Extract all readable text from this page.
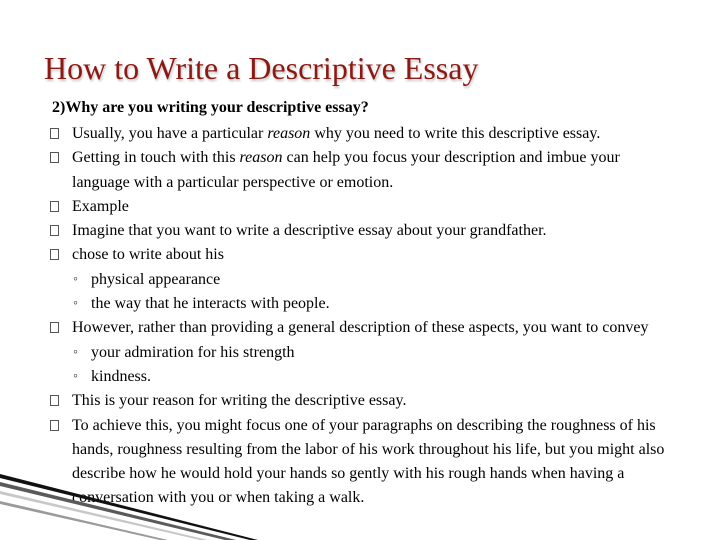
How to Write a Descriptive Essay
2)Why are you writing your descriptive essay?
Usually, you have a particular reason why you need to write this descriptive essay.
Getting in touch with this reason can help you focus your description and imbue your language with a particular perspective or emotion.
Example
Imagine that you want to write a descriptive essay about your grandfather.
chose to write about his
◦ physical appearance
◦ the way that he interacts with people.
However, rather than providing a general description of these aspects, you want to convey
◦ your admiration for his strength
◦ kindness.
This is your reason for writing the descriptive essay.
To achieve this, you might focus one of your paragraphs on describing the roughness of his hands, roughness resulting from the labor of his work throughout his life, but you might also describe how he would hold your hands so gently with his rough hands when having a conversation with you or when taking a walk.
